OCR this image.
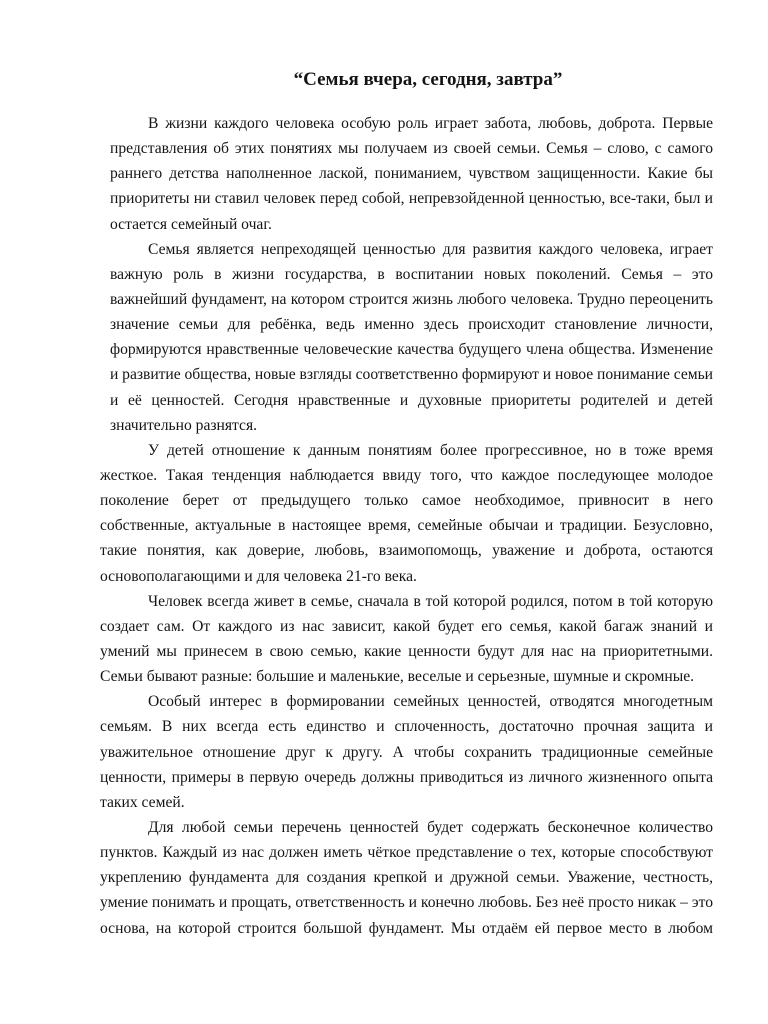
“Семья вчера, сегодня, завтра”
В жизни каждого человека особую роль играет забота, любовь, доброта. Первые
представления об этих понятиях мы получаем из своей семьи. Семья – слово, с самого
раннего детства наполненное лаской, пониманием, чувством защищенности. Какие бы
приоритеты ни ставил человек перед собой, непревзойденной ценностью, все-таки, был и
остается семейный очаг.
Семья является непреходящей ценностью для развития каждого человека, играет
важную роль в жизни государства, в воспитании новых поколений. Семья – это
важнейший фундамент, на котором строится жизнь любого человека. Трудно переоценить
значение семьи для ребёнка, ведь именно здесь происходит становление личности,
формируются нравственные человеческие качества будущего члена общества. Изменение
и развитие общества, новые взгляды соответственно формируют и новое понимание семьи
и её ценностей. Сегодня нравственные и духовные приоритеты родителей и детей
значительно разнятся.
У детей отношение к данным понятиям более прогрессивное, но в тоже время
жесткое. Такая тенденция наблюдается ввиду того, что каждое последующее молодое
поколение берет от предыдущего только самое необходимое, привносит в него
собственные, актуальные в настоящее время, семейные обычаи и традиции. Безусловно,
такие понятия, как доверие, любовь, взаимопомощь, уважение и доброта, остаются
основополагающими и для человека 21-го века.
Человек всегда живет в семье, сначала в той которой родился, потом в той которую
создает сам. От каждого из нас зависит, какой будет его семья, какой багаж знаний и
умений мы принесем в свою семью, какие ценности будут для нас на приоритетными.
Семьи бывают разные: большие и маленькие, веселые и серьезные, шумные и скромные.
Особый интерес в формировании семейных ценностей, отводятся многодетным
семьям. В них всегда есть единство и сплоченность, достаточно прочная защита и
уважительное отношение друг к другу. А чтобы сохранить традиционные семейные
ценности, примеры в первую очередь должны приводиться из личного жизненного опыта
таких семей.
Для любой семьи перечень ценностей будет содержать бесконечное количество
пунктов. Каждый из нас должен иметь чёткое представление о тех, которые способствуют
укреплению фундамента для создания крепкой и дружной семьи. Уважение, честность,
умение понимать и прощать, ответственность и конечно любовь. Без неё просто никак – это
основа, на которой строится большой фундамент. Мы отдаём ей первое место в любом
